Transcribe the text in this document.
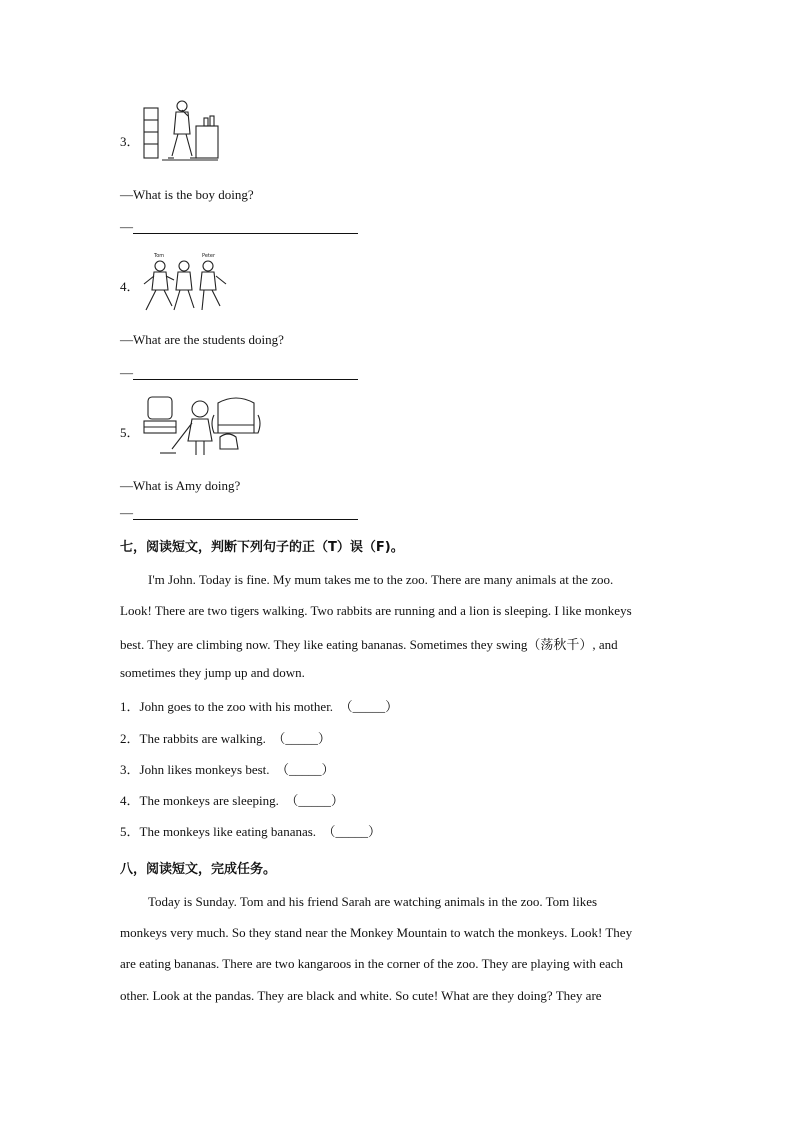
3．
—What is the boy doing?
—
4．
Tom	Peter
—What are the students doing?
—
5．
—What is Amy doing?
—
七，阅读短文，判断下列句子的正（T）误（F)。
I'm John. Today is fine. My mum takes me to the zoo. There are many animals at the zoo.
Look! There are two tigers walking. Two rabbits are running and a lion is sleeping. I like monkeys
best. They are climbing now. They like eating bananas. Sometimes they swing（荡秋千）, and
sometimes they jump up and down.
1．John goes to the zoo with his mother. （_____）
2．The rabbits are walking. （_____）
3．John likes monkeys best. （_____）
4．The monkeys are sleeping. （_____）
5．The monkeys like eating bananas. （_____）
八，阅读短文，完成任务。
Today is Sunday. Tom and his friend Sarah are watching animals in the zoo. Tom likes
monkeys very much. So they stand near the Monkey Mountain to watch the monkeys. Look! They
are eating bananas. There are two kangaroos in the corner of the zoo. They are playing with each
other. Look at the pandas. They are black and white. So cute! What are they doing? They are
